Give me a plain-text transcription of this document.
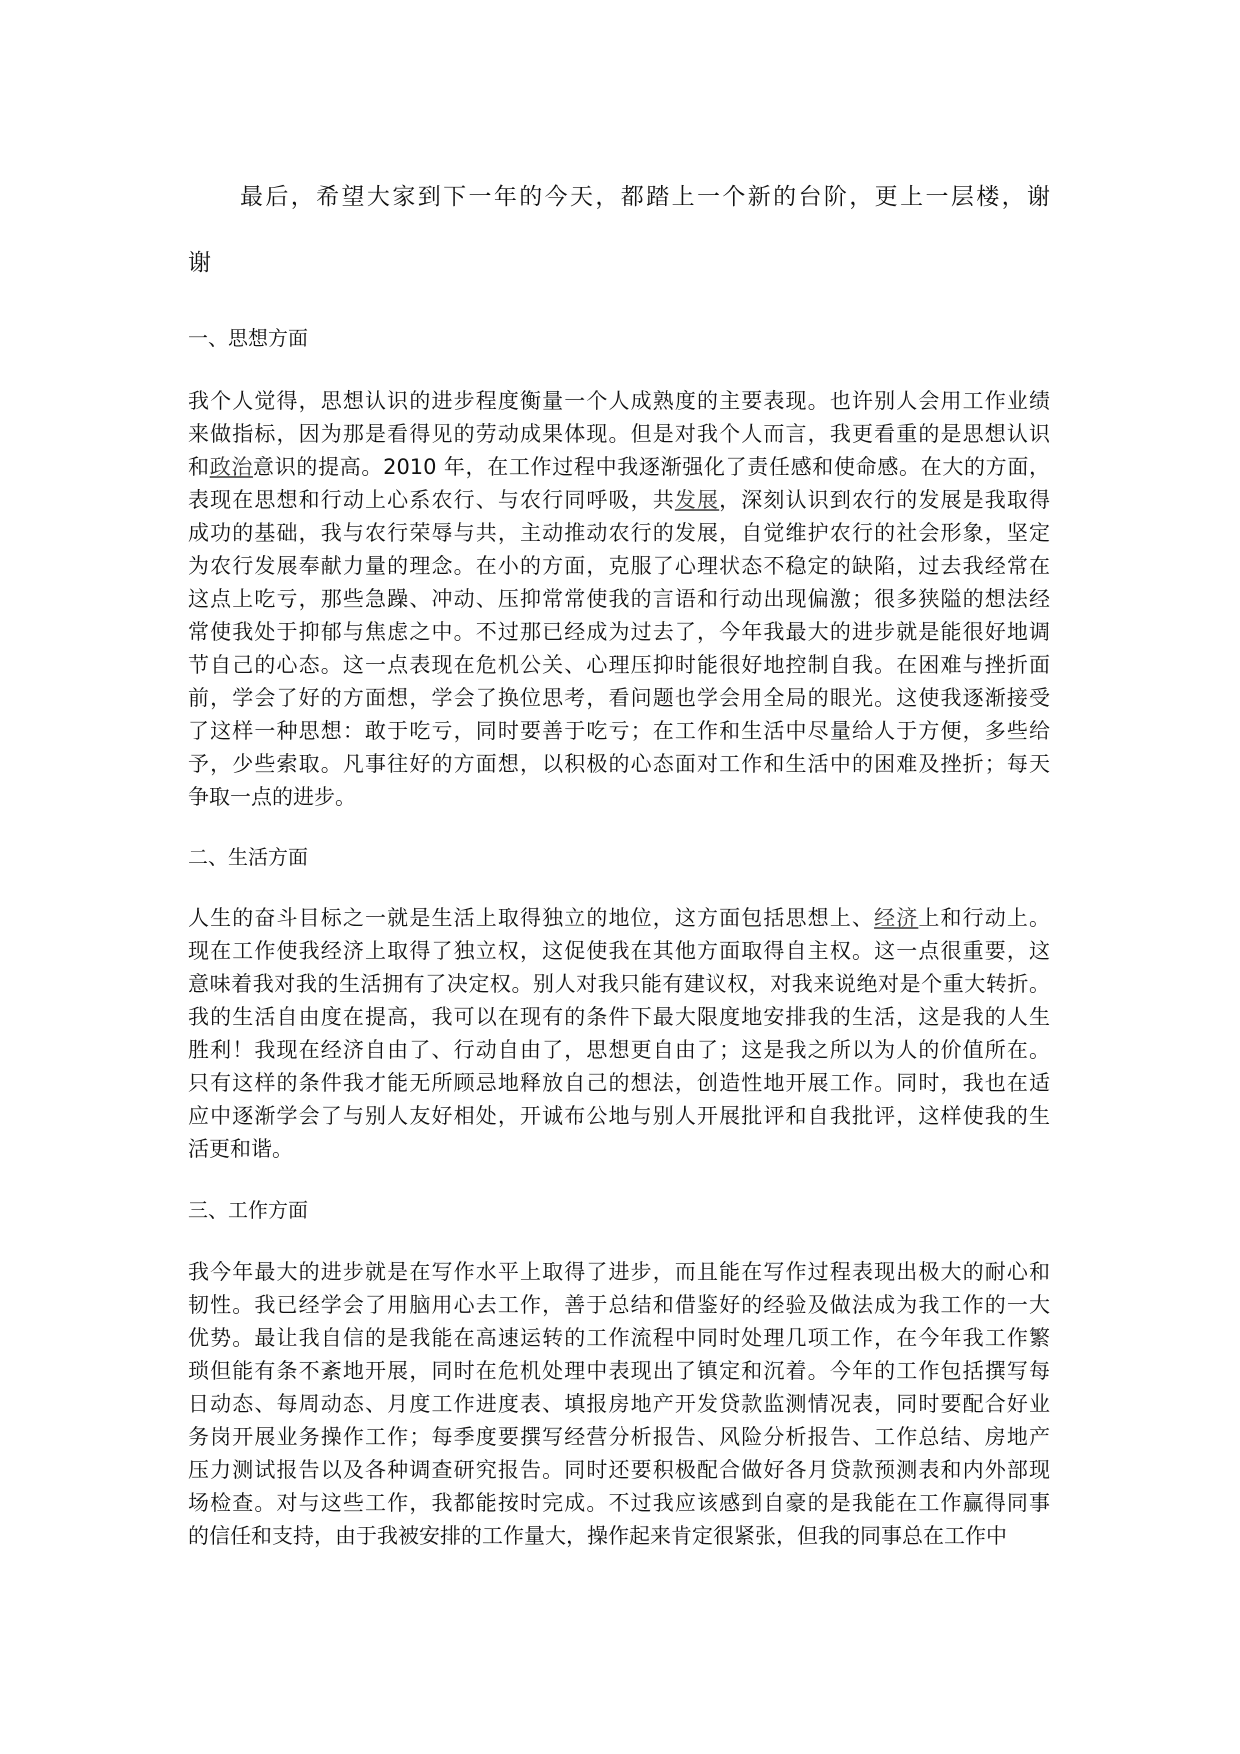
最后，希望大家到下一年的今天，都踏上一个新的台阶，更上一层楼，谢
谢
一、思想方面
我个人觉得，思想认识的进步程度衡量一个人成熟度的主要表现。也许别人会用工作业绩
来做指标，因为那是看得见的劳动成果体现。但是对我个人而言，我更看重的是思想认识
和政治意识的提高。2010 年，在工作过程中我逐渐强化了责任感和使命感。在大的方面，
表现在思想和行动上心系农行、与农行同呼吸，共发展，深刻认识到农行的发展是我取得
成功的基础，我与农行荣辱与共，主动推动农行的发展，自觉维护农行的社会形象，坚定
为农行发展奉献力量的理念。在小的方面，克服了心理状态不稳定的缺陷，过去我经常在
这点上吃亏，那些急躁、冲动、压抑常常使我的言语和行动出现偏激；很多狭隘的想法经
常使我处于抑郁与焦虑之中。不过那已经成为过去了，今年我最大的进步就是能很好地调
节自己的心态。这一点表现在危机公关、心理压抑时能很好地控制自我。在困难与挫折面
前，学会了好的方面想，学会了换位思考，看问题也学会用全局的眼光。这使我逐渐接受
了这样一种思想：敢于吃亏，同时要善于吃亏；在工作和生活中尽量给人于方便，多些给
予，少些索取。凡事往好的方面想，以积极的心态面对工作和生活中的困难及挫折；每天
争取一点的进步。
二、生活方面
人生的奋斗目标之一就是生活上取得独立的地位，这方面包括思想上、经济上和行动上。
现在工作使我经济上取得了独立权，这促使我在其他方面取得自主权。这一点很重要，这
意味着我对我的生活拥有了决定权。别人对我只能有建议权，对我来说绝对是个重大转折。
我的生活自由度在提高，我可以在现有的条件下最大限度地安排我的生活，这是我的人生
胜利！我现在经济自由了、行动自由了，思想更自由了；这是我之所以为人的价值所在。
只有这样的条件我才能无所顾忌地释放自己的想法，创造性地开展工作。同时，我也在适
应中逐渐学会了与别人友好相处，开诚布公地与别人开展批评和自我批评，这样使我的生
活更和谐。
三、工作方面
我今年最大的进步就是在写作水平上取得了进步，而且能在写作过程表现出极大的耐心和
韧性。我已经学会了用脑用心去工作，善于总结和借鉴好的经验及做法成为我工作的一大
优势。最让我自信的是我能在高速运转的工作流程中同时处理几项工作，在今年我工作繁
琐但能有条不紊地开展，同时在危机处理中表现出了镇定和沉着。今年的工作包括撰写每
日动态、每周动态、月度工作进度表、填报房地产开发贷款监测情况表，同时要配合好业
务岗开展业务操作工作；每季度要撰写经营分析报告、风险分析报告、工作总结、房地产
压力测试报告以及各种调查研究报告。同时还要积极配合做好各月贷款预测表和内外部现
场检查。对与这些工作，我都能按时完成。不过我应该感到自豪的是我能在工作赢得同事
的信任和支持，由于我被安排的工作量大，操作起来肯定很紧张，但我的同事总在工作中
